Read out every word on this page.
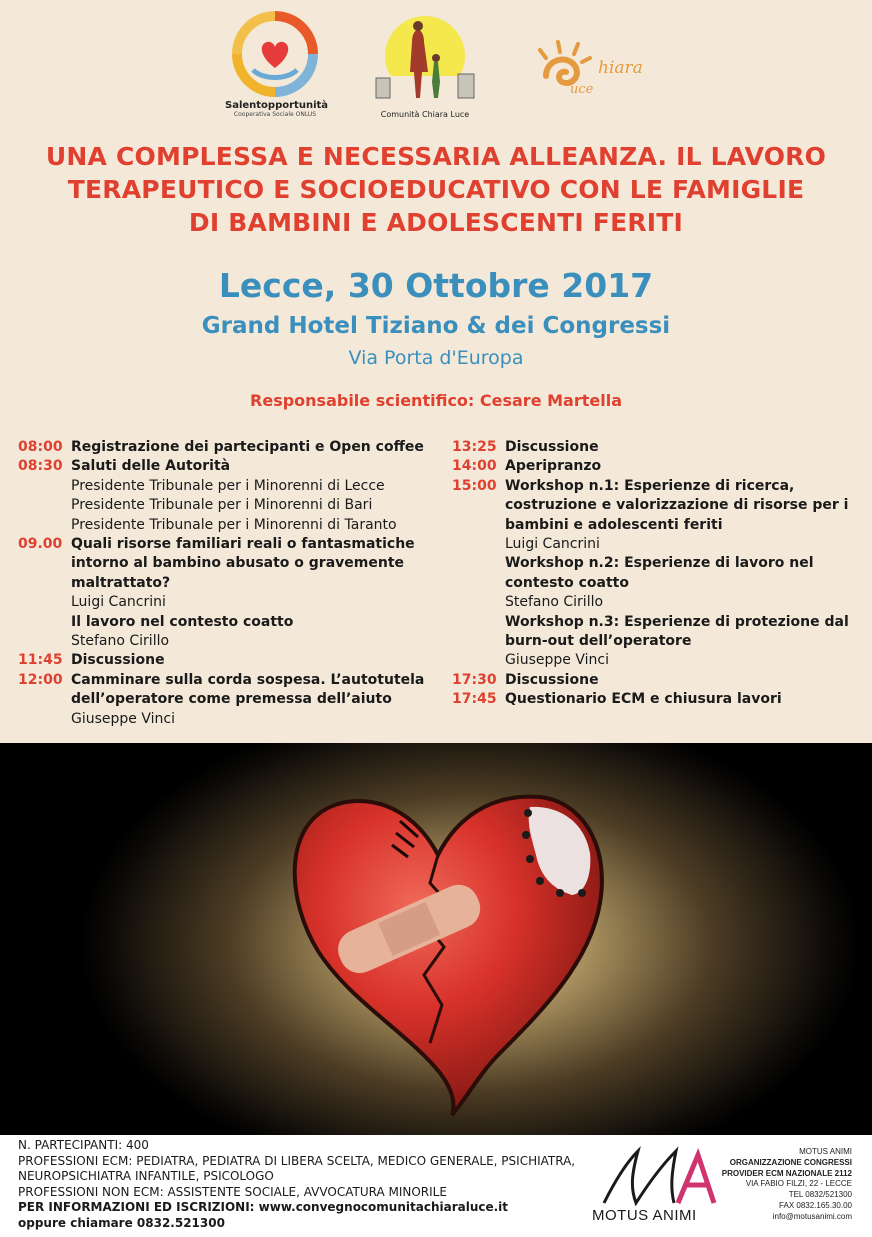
Salentopportunità
Cooperativa Sociale ONLUS	Comunità Chiara Luce
hiara
uce
UNA COMPLESSA E NECESSARIA ALLEANZA. IL LAVORO
TERAPEUTICO E SOCIOEDUCATIVO CON LE FAMIGLIE
DI BAMBINI E ADOLESCENTI FERITI
Lecce, 30 Ottobre 2017
Grand Hotel Tiziano & dei Congressi
Via Porta d'Europa
Responsabile scientifico: Cesare Martella
08:00 Registrazione dei partecipanti e Open coffee
08:30 Saluti delle Autorità
Presidente Tribunale per i Minorenni di Lecce
Presidente Tribunale per i Minorenni di Bari
Presidente Tribunale per i Minorenni di Taranto
09.00 Quali risorse familiari reali o fantasmatiche
intorno al bambino abusato o gravemente
maltrattato?
Luigi Cancrini
Il lavoro nel contesto coatto
Stefano Cirillo
11:45 Discussione
12:00 Camminare sulla corda sospesa. L’autotutela
dell’operatore come premessa dell’aiuto
Giuseppe Vinci
13:25 Discussione
14:00 Aperipranzo
15:00 Workshop n.1: Esperienze di ricerca,
costruzione e valorizzazione di risorse per i
bambini e adolescenti feriti
Luigi Cancrini
Workshop n.2: Esperienze di lavoro nel
contesto coatto
Stefano Cirillo
Workshop n.3: Esperienze di protezione dal
burn-out dell’operatore
Giuseppe Vinci
17:30 Discussione
17:45 Questionario ECM e chiusura lavori
N. PARTECIPANTI: 400
PROFESSIONI ECM: PEDIATRA, PEDIATRA DI LIBERA SCELTA, MEDICO GENERALE, PSICHIATRA,
NEUROPSICHIATRA INFANTILE, PSICOLOGO
PROFESSIONI NON ECM: ASSISTENTE SOCIALE, AVVOCATURA MINORILE
PER INFORMAZIONI ED ISCRIZIONI: www.convegnocomunitachiaraluce.it
oppure chiamare 0832.521300	MOTUS ANIMI
MOTUS ANIMI
ORGANIZZAZIONE CONGRESSI
PROVIDER ECM NAZIONALE 2112
VIA FABIO FILZI, 22 - LECCE
TEL 0832/521300
FAX 0832.165.30.00
info@motusanimi.com
